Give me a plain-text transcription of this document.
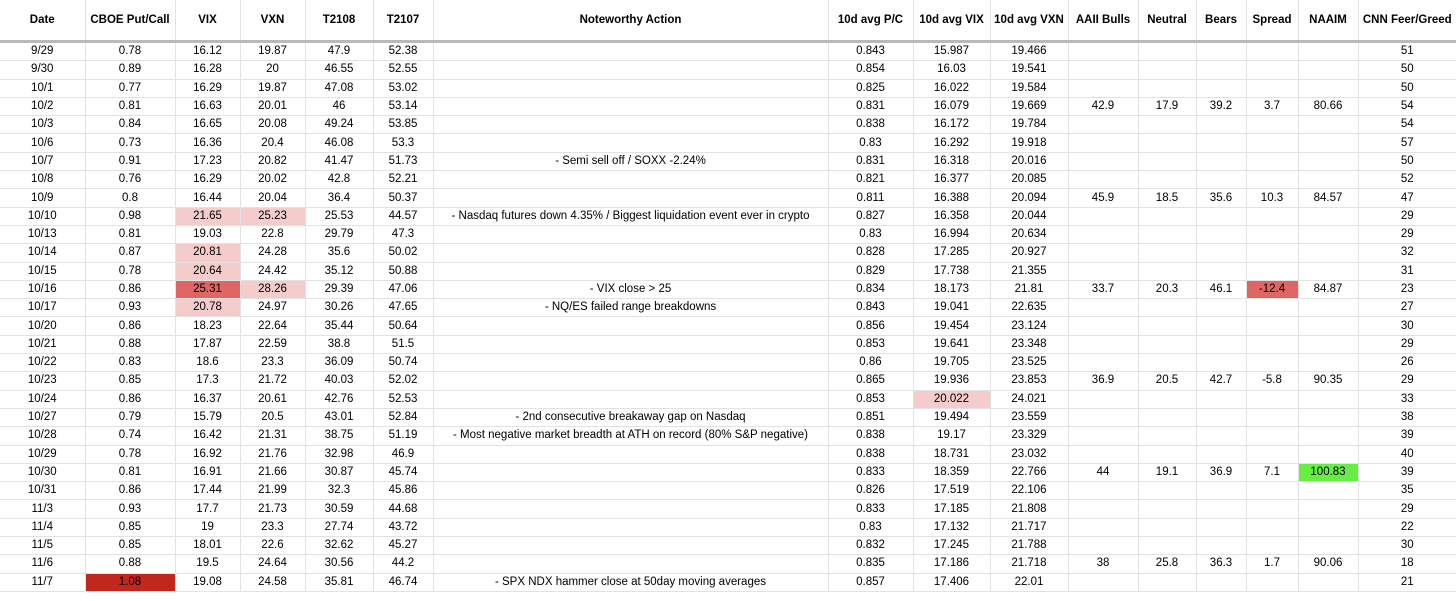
Date	CBOE Put/Call	VIX	VXN	T2108	T2107	Noteworthy Action	10d avg P/C	10d avg VIX	10d avg VXN	AAII Bulls	Neutral	Bears	Spread	NAAIM	CNN Feer/Greed
9/29	0.78	16.12	19.87	47.9	52.38		0.843	15.987	19.466						51
9/30	0.89	16.28	20	46.55	52.55		0.854	16.03	19.541						50
10/1	0.77	16.29	19.87	47.08	53.02		0.825	16.022	19.584						50
10/2	0.81	16.63	20.01	46	53.14		0.831	16.079	19.669	42.9	17.9	39.2	3.7	80.66	54
10/3	0.84	16.65	20.08	49.24	53.85		0.838	16.172	19.784						54
10/6	0.73	16.36	20.4	46.08	53.3		0.83	16.292	19.918						57
10/7	0.91	17.23	20.82	41.47	51.73	- Semi sell off / SOXX -2.24%	0.831	16.318	20.016						50
10/8	0.76	16.29	20.02	42.8	52.21		0.821	16.377	20.085						52
10/9	0.8	16.44	20.04	36.4	50.37		0.811	16.388	20.094	45.9	18.5	35.6	10.3	84.57	47
10/10	0.98	21.65	25.23	25.53	44.57	- Nasdaq futures down 4.35% / Biggest liquidation event ever in crypto	0.827	16.358	20.044						29
10/13	0.81	19.03	22.8	29.79	47.3		0.83	16.994	20.634						29
10/14	0.87	20.81	24.28	35.6	50.02		0.828	17.285	20.927						32
10/15	0.78	20.64	24.42	35.12	50.88		0.829	17.738	21.355						31
10/16	0.86	25.31	28.26	29.39	47.06	- VIX close > 25	0.834	18.173	21.81	33.7	20.3	46.1	-12.4	84.87	23
10/17	0.93	20.78	24.97	30.26	47.65	- NQ/ES failed range breakdowns	0.843	19.041	22.635						27
10/20	0.86	18.23	22.64	35.44	50.64		0.856	19.454	23.124						30
10/21	0.88	17.87	22.59	38.8	51.5		0.853	19.641	23.348						29
10/22	0.83	18.6	23.3	36.09	50.74		0.86	19.705	23.525						26
10/23	0.85	17.3	21.72	40.03	52.02		0.865	19.936	23.853	36.9	20.5	42.7	-5.8	90.35	29
10/24	0.86	16.37	20.61	42.76	52.53		0.853	20.022	24.021						33
10/27	0.79	15.79	20.5	43.01	52.84	- 2nd consecutive breakaway gap on Nasdaq	0.851	19.494	23.559						38
10/28	0.74	16.42	21.31	38.75	51.19	- Most negative market breadth at ATH on record (80% S&P negative)	0.838	19.17	23.329						39
10/29	0.78	16.92	21.76	32.98	46.9		0.838	18.731	23.032						40
10/30	0.81	16.91	21.66	30.87	45.74		0.833	18.359	22.766	44	19.1	36.9	7.1	100.83	39
10/31	0.86	17.44	21.99	32.3	45.86		0.826	17.519	22.106						35
11/3	0.93	17.7	21.73	30.59	44.68		0.833	17.185	21.808						29
11/4	0.85	19	23.3	27.74	43.72		0.83	17.132	21.717						22
11/5	0.85	18.01	22.6	32.62	45.27		0.832	17.245	21.788						30
11/6	0.88	19.5	24.64	30.56	44.2		0.835	17.186	21.718	38	25.8	36.3	1.7	90.06	18
11/7	1.08	19.08	24.58	35.81	46.74	- SPX NDX hammer close at 50day moving averages	0.857	17.406	22.01						21
